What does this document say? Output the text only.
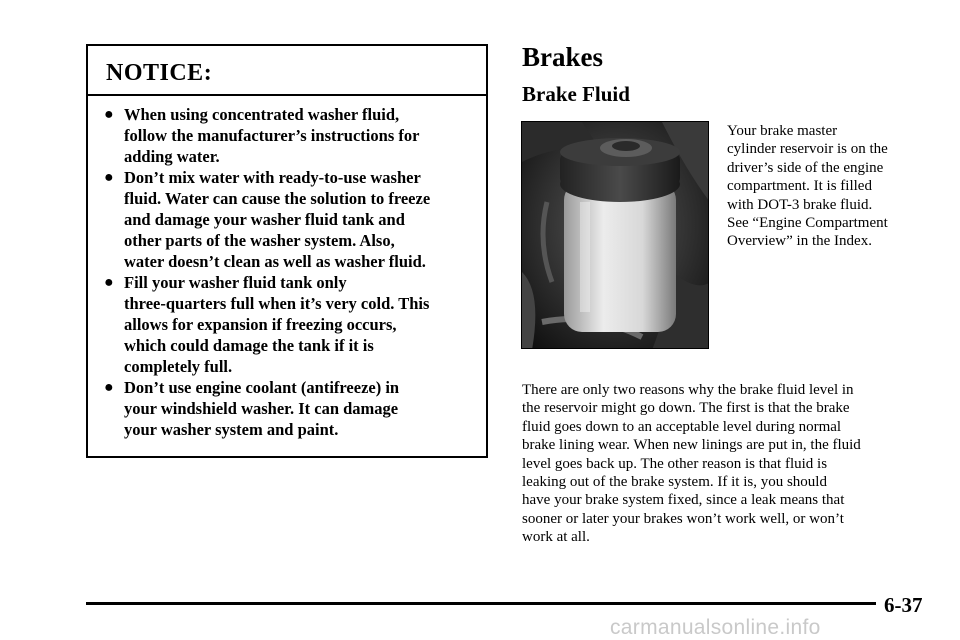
NOTICE:
● When using concentrated washer fluid,
follow the manufacturer’s instructions for
adding water.
● Don’t mix water with ready-to-use washer
fluid. Water can cause the solution to freeze
and damage your washer fluid tank and
other parts of the washer system. Also,
water doesn’t clean as well as washer fluid.
● Fill your washer fluid tank only
three-quarters full when it’s very cold. This
allows for expansion if freezing occurs,
which could damage the tank if it is
completely full.
● Don’t use engine coolant (antifreeze) in
your windshield washer. It can damage
your washer system and paint.
Brakes
Brake Fluid
Your brake master
cylinder reservoir is on the
driver’s side of the engine
compartment. It is filled
with DOT-3 brake fluid.
See “Engine Compartment
Overview” in the Index.
There are only two reasons why the brake fluid level in
the reservoir might go down. The first is that the brake
fluid goes down to an acceptable level during normal
brake lining wear. When new linings are put in, the fluid
level goes back up. The other reason is that fluid is
leaking out of the brake system. If it is, you should
have your brake system fixed, since a leak means that
sooner or later your brakes won’t work well, or won’t
work at all.
6-37
carmanualsonline.info
